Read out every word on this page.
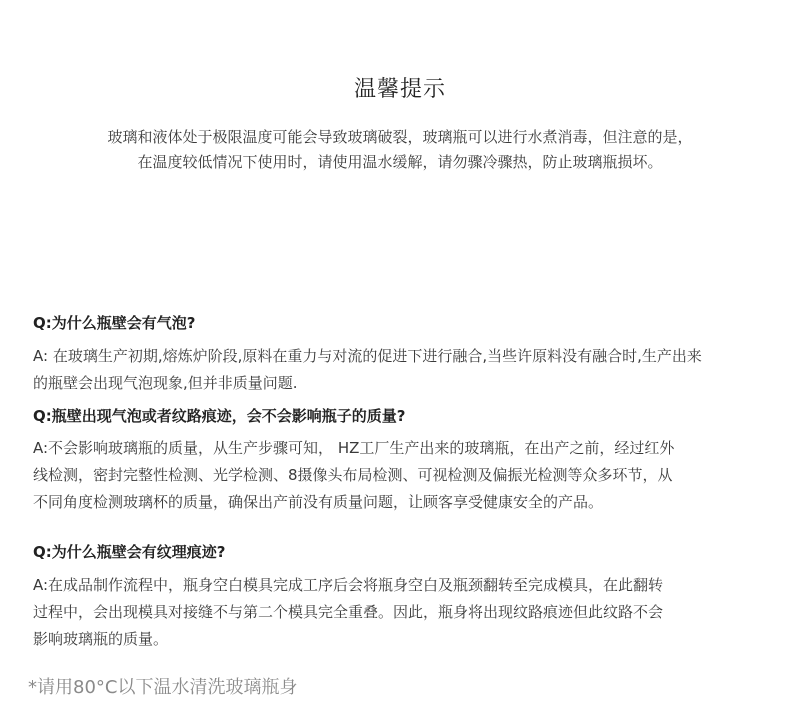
温馨提示
玻璃和液体处于极限温度可能会导致玻璃破裂，玻璃瓶可以进行水煮消毒，但注意的是，
在温度较低情况下使用时，请使用温水缓解，请勿骤冷骤热，防止玻璃瓶损坏。
Q:为什么瓶壁会有气泡?

A: 在玻璃生产初期,熔炼炉阶段,原料在重力与对流的促进下进行融合,当些许原料没有融合时,生产出来

的瓶壁会出现气泡现象,但并非质量问题.

Q:瓶壁出现气泡或者纹路痕迹，会不会影响瓶子的质量?

A:不会影响玻璃瓶的质量，从生产步骤可知， HZ工厂生产出来的玻璃瓶，在出产之前，经过红外

线检测，密封完整性检测、光学检测、8摄像头布局检测、可视检测及偏振光检测等众多环节，从

不同角度检测玻璃杯的质量，确保出产前没有质量问题，让顾客享受健康安全的产品。

Q:为什么瓶壁会有纹理痕迹?

A:在成品制作流程中，瓶身空白模具完成工序后会将瓶身空白及瓶颈翻转至完成模具，在此翻转

过程中，会出现模具对接缝不与第二个模具完全重叠。因此，瓶身将出现纹路痕迹但此纹路不会

影响玻璃瓶的质量。

*请用80°C以下温水清洗玻璃瓶身
